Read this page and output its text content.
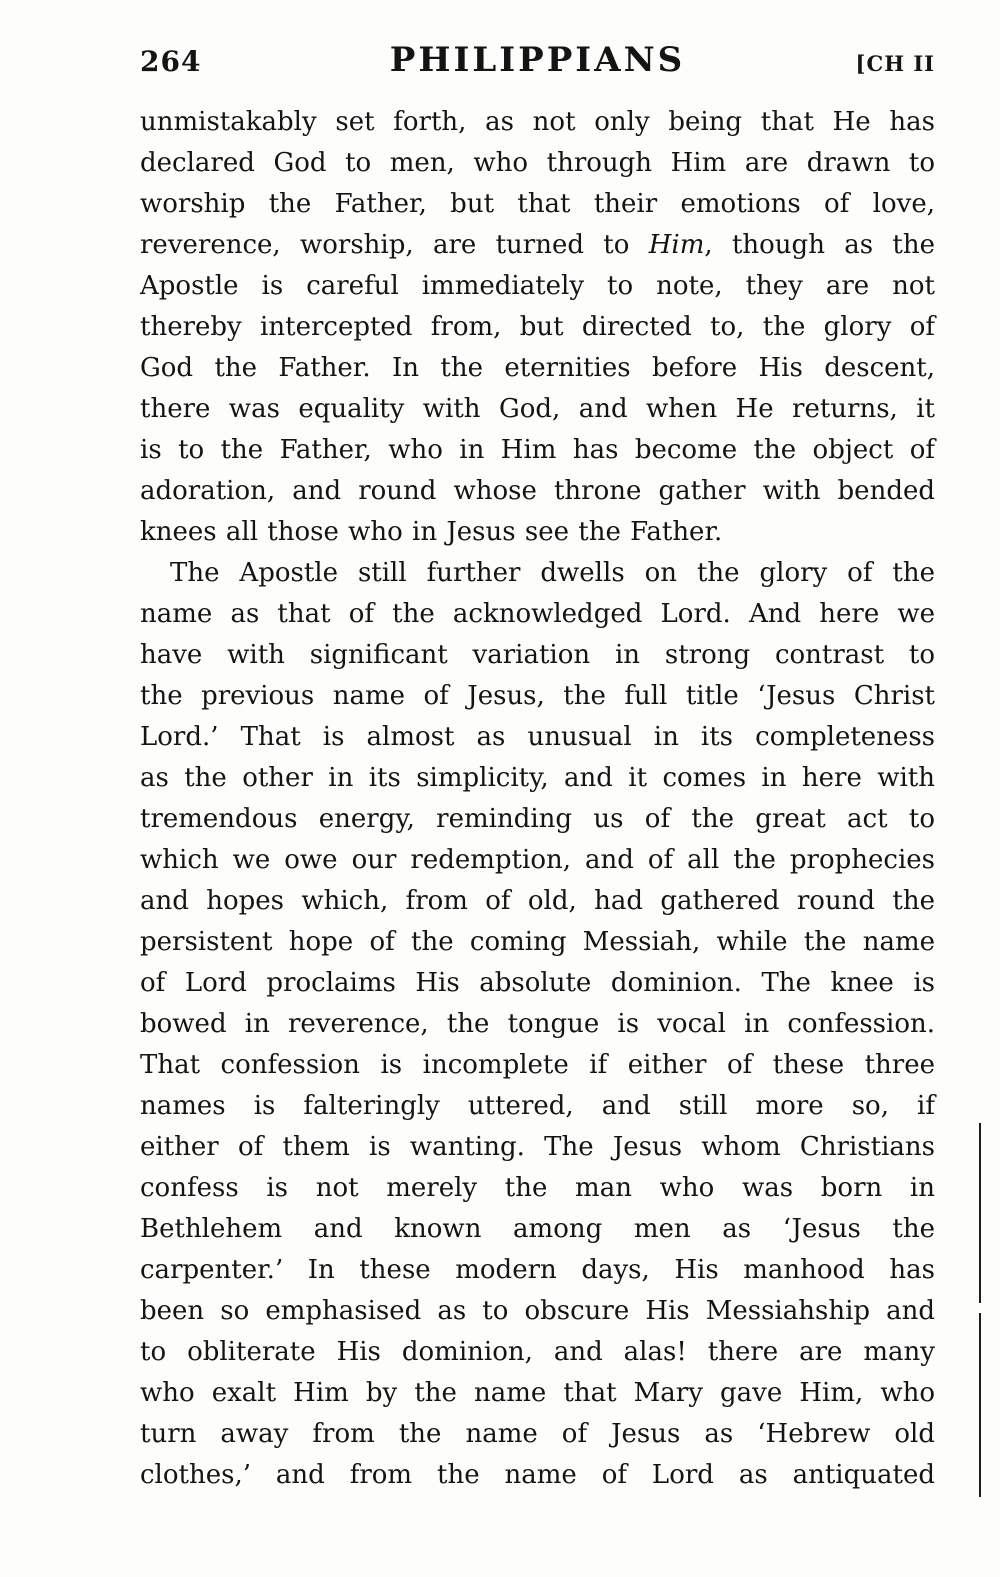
264	PHILIPPIANS	[CH II
unmistakably set forth, as not only being that He has
declared God to men, who through Him are drawn to
worship the Father, but that their emotions of love,
reverence, worship, are turned to Him, though as the
Apostle is careful immediately to note, they are not
thereby intercepted from, but directed to, the glory of
God the Father. In the eternities before His descent,
there was equality with God, and when He returns, it
is to the Father, who in Him has become the object of
adoration, and round whose throne gather with bended
knees all those who in Jesus see the Father.
The Apostle still further dwells on the glory of the
name as that of the acknowledged Lord. And here we
have with significant variation in strong contrast to
the previous name of Jesus, the full title ‘Jesus Christ
Lord.’ That is almost as unusual in its completeness
as the other in its simplicity, and it comes in here with
tremendous energy, reminding us of the great act to
which we owe our redemption, and of all the prophecies
and hopes which, from of old, had gathered round the
persistent hope of the coming Messiah, while the name
of Lord proclaims His absolute dominion. The knee is
bowed in reverence, the tongue is vocal in confession.
That confession is incomplete if either of these three
names is falteringly uttered, and still more so, if
either of them is wanting. The Jesus whom Christians
confess is not merely the man who was born in
Bethlehem and known among men as ‘Jesus the
carpenter.’ In these modern days, His manhood has
been so emphasised as to obscure His Messiahship and
to obliterate His dominion, and alas! there are many
who exalt Him by the name that Mary gave Him, who
turn away from the name of Jesus as ‘Hebrew old
clothes,’ and from the name of Lord as antiquated
